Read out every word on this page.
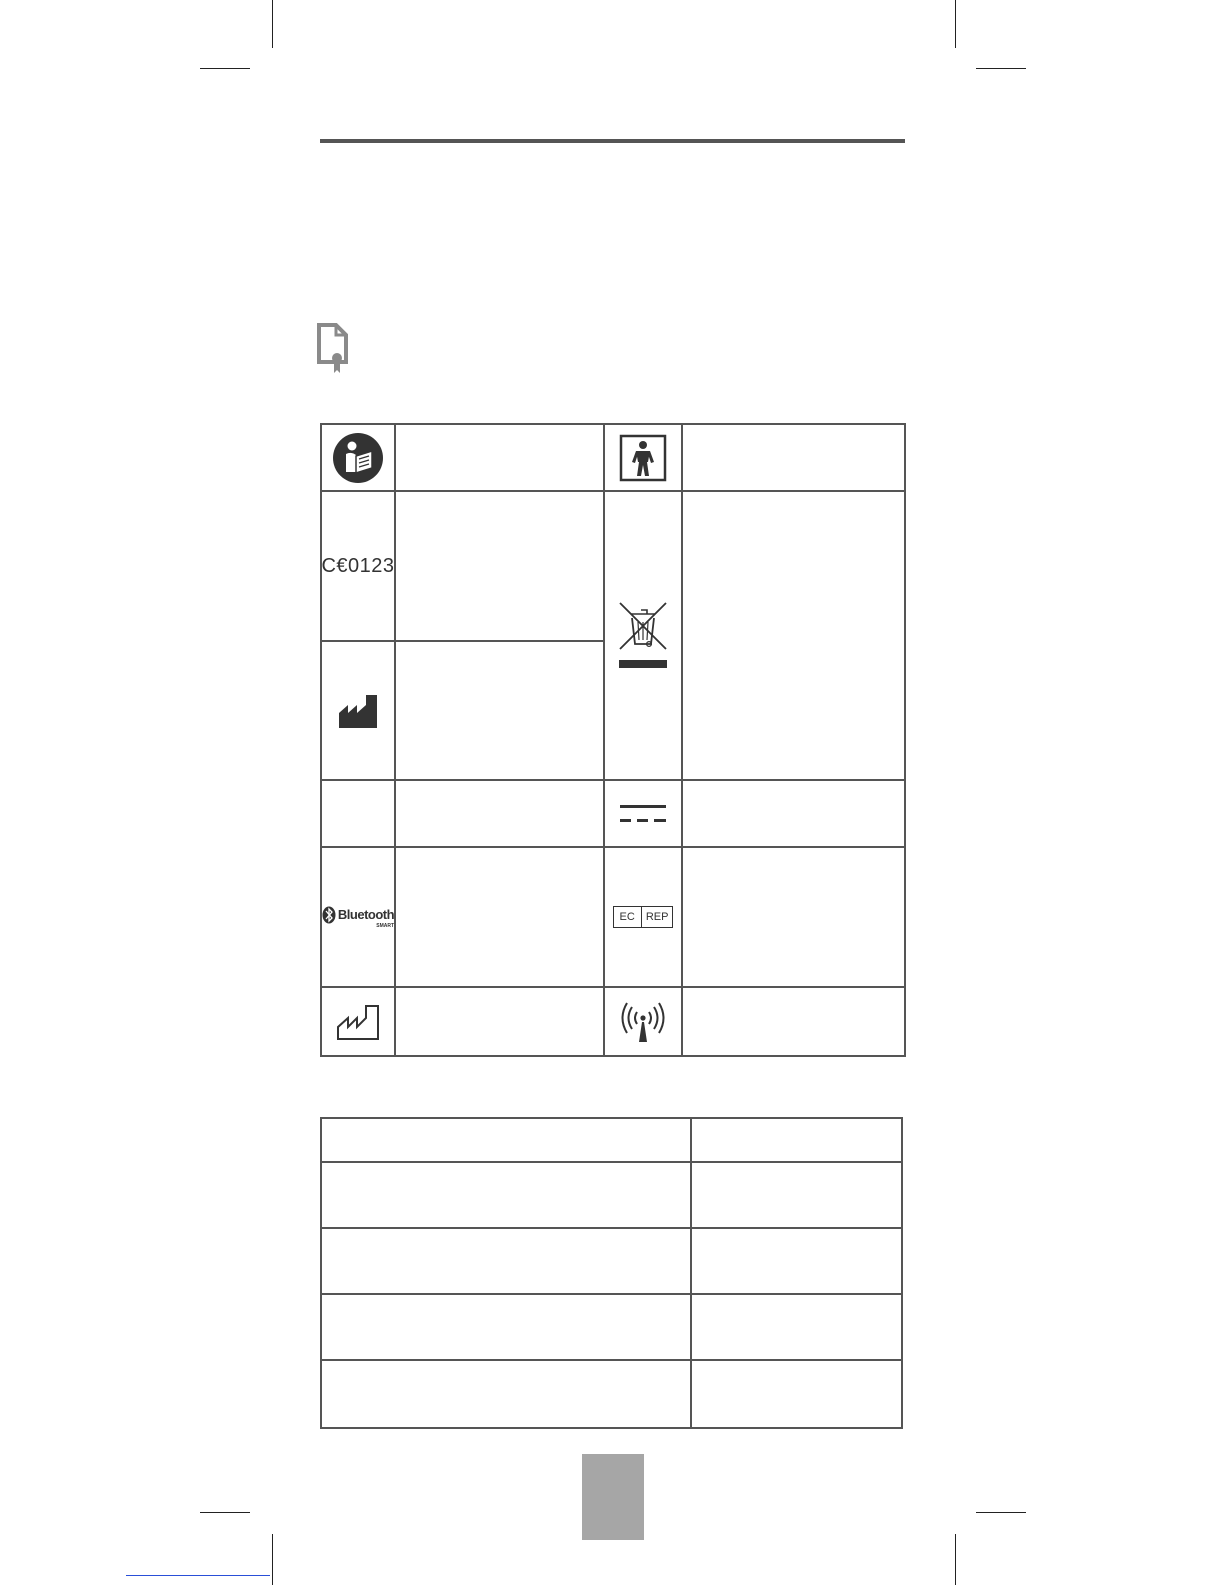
C€0123
Bluetooth
SMART
EC	REP
